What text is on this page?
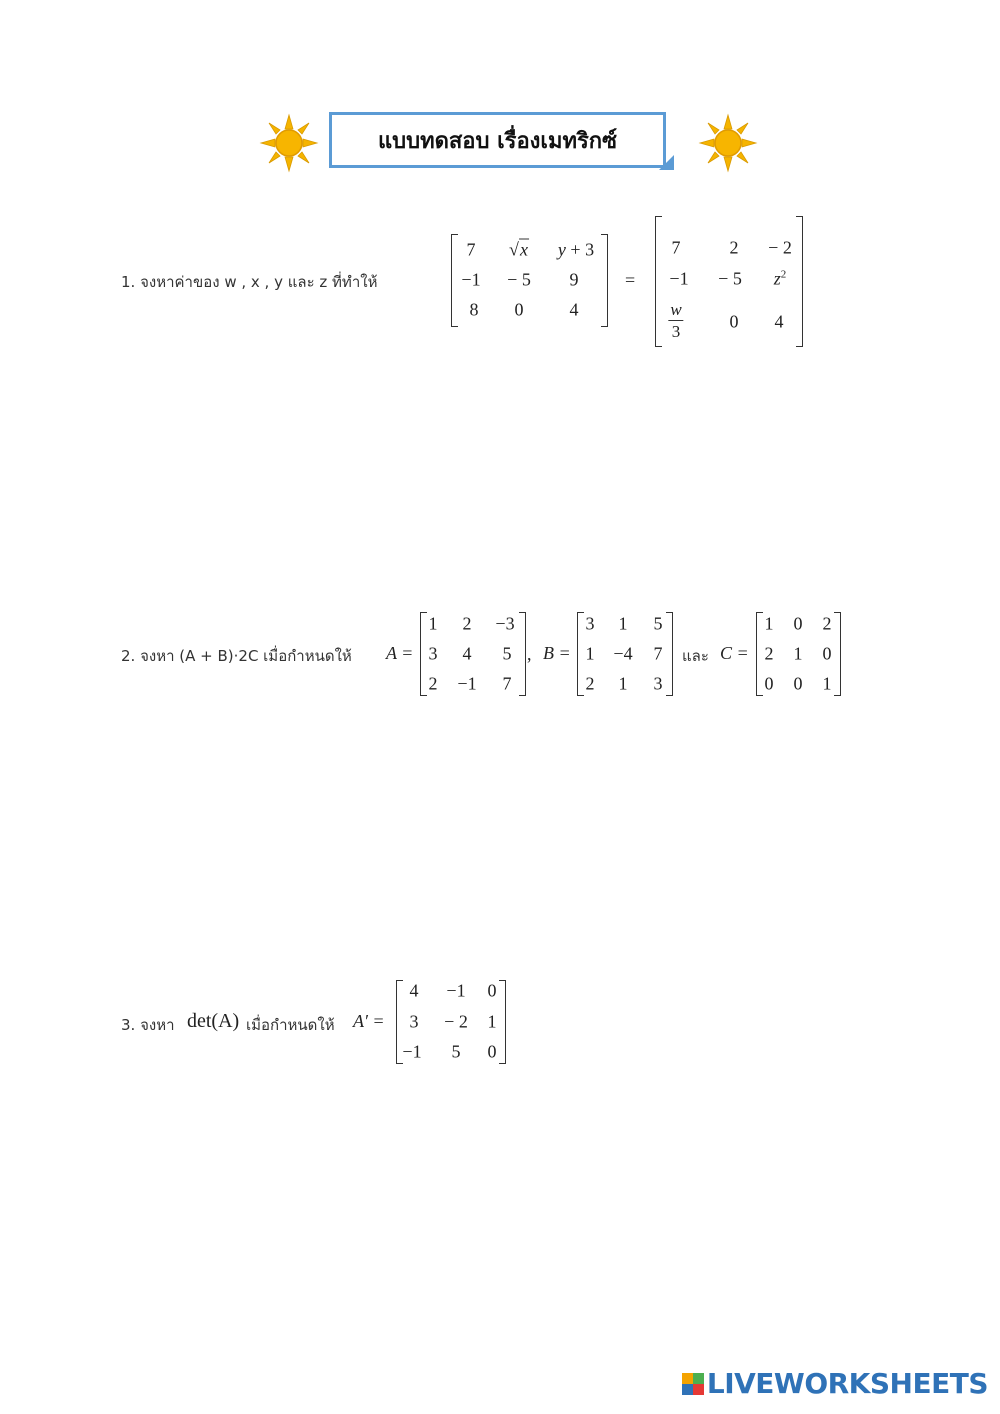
แบบทดสอบ เรื่องเมทริกซ์
1. จงหาค่าของ w , x , y และ z ที่ทำให้
7 √x y + 3
−1 − 5 9
8 0	4
=
7	2 − 2
−1 − 5 $z^2$
$\frac{w}{3}$	0 4
2. จงหา (A + B)·2C เมื่อกำหนดให้ A =
1 2 −3
3 4 5
2 −1 7
, B =
3 1 5
1 −4 7
2 1 3
และ C =
1 0 2
2 1 0
0 0 1
3. จงหา det(A) เมื่อกำหนดให้ A′ =
4 −1 0
3 − 2 1
−1 5 0
LIVEWORKSHEETS
